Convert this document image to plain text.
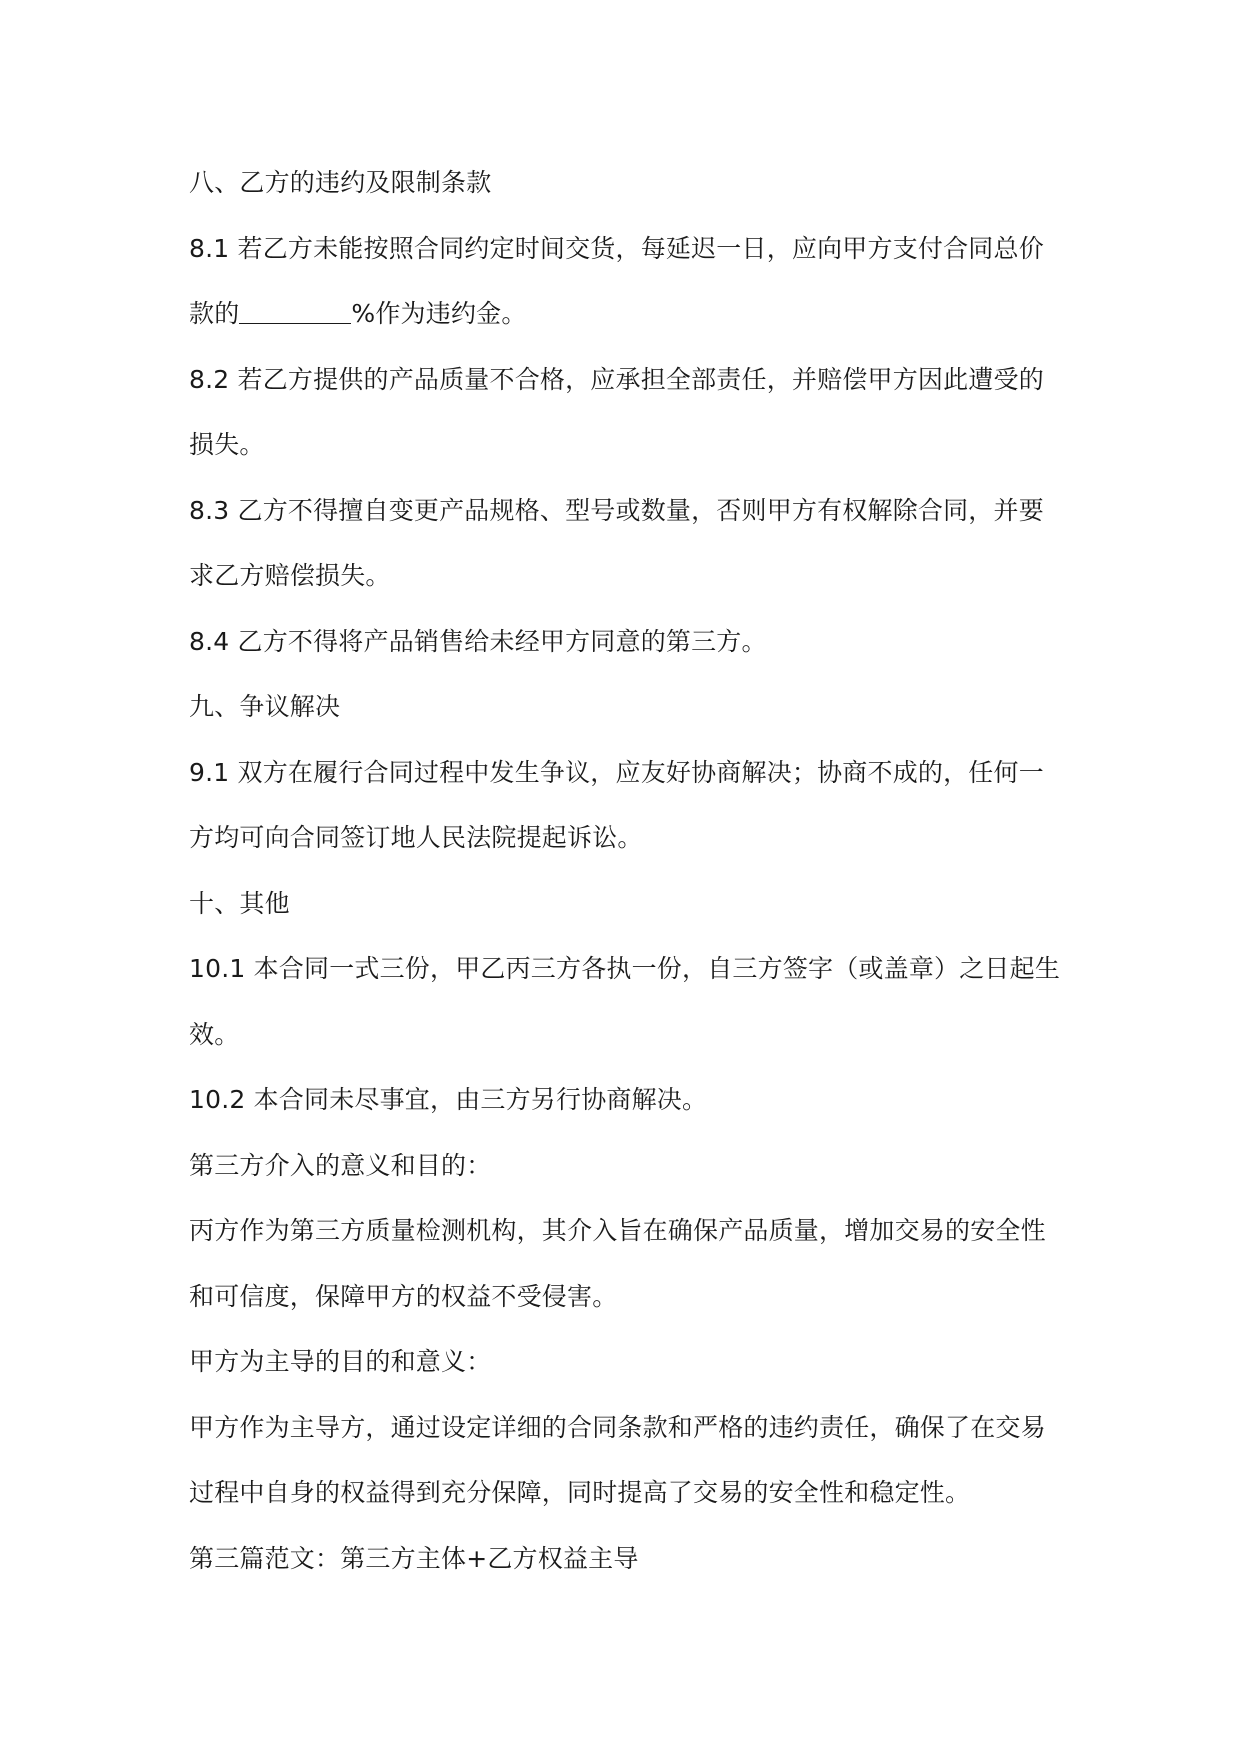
八、乙方的违约及限制条款
8.1 若乙方未能按照合同约定时间交货，每延迟一日，应向甲方支付合同总价
款的	%作为违约金。
8.2 若乙方提供的产品质量不合格，应承担全部责任，并赔偿甲方因此遭受的
损失。
8.3 乙方不得擅自变更产品规格、型号或数量，否则甲方有权解除合同，并要
求乙方赔偿损失。
8.4 乙方不得将产品销售给未经甲方同意的第三方。
九、争议解决
9.1 双方在履行合同过程中发生争议，应友好协商解决；协商不成的，任何一
方均可向合同签订地人民法院提起诉讼。
十、其他
10.1 本合同一式三份，甲乙丙三方各执一份，自三方签字（或盖章）之日起生
效。
10.2 本合同未尽事宜，由三方另行协商解决。
第三方介入的意义和目的：
丙方作为第三方质量检测机构，其介入旨在确保产品质量，增加交易的安全性
和可信度，保障甲方的权益不受侵害。
甲方为主导的目的和意义：
甲方作为主导方，通过设定详细的合同条款和严格的违约责任，确保了在交易
过程中自身的权益得到充分保障，同时提高了交易的安全性和稳定性。
第三篇范文：第三方主体+乙方权益主导
